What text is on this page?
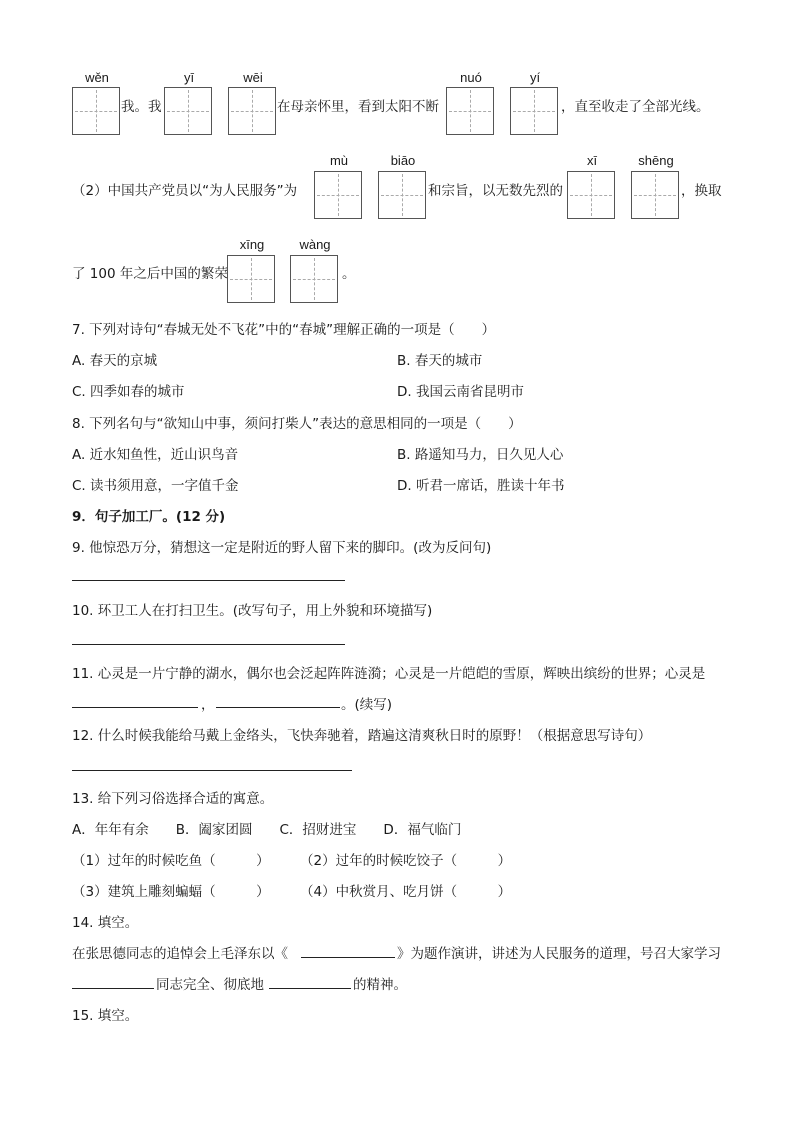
wěn
我。我
yī	wēi
在母亲怀里，看到太阳不断
nuó	yí
，直至收走了全部光线。
（2）中国共产党员以“为人民服务”为
mù	biāo
和宗旨，以无数先烈的
xī	shēng
，换取
了 100 年之后中国的繁荣
xīng	wàng
。
7. 下列对诗句“春城无处不飞花”中的“春城”理解正确的一项是（　　）
A. 春天的京城	B. 春天的城市
C. 四季如春的城市	D. 我国云南省昆明市
8. 下列名句与“欲知山中事，须问打柴人”表达的意思相同的一项是（　　）
A. 近水知鱼性，近山识鸟音	B. 路遥知马力，日久见人心
C. 读书须用意，一字值千金	D. 听君一席话，胜读十年书
9．句子加工厂。(12 分)
9. 他惊恐万分，猜想这一定是附近的野人留下来的脚印。(改为反问句)
10. 环卫工人在打扫卫生。(改写句子，用上外貌和环境描写)
11. 心灵是一片宁静的湖水，偶尔也会泛起阵阵涟漪；心灵是一片皑皑的雪原，辉映出缤纷的世界；心灵是
，	。(续写)
12. 什么时候我能给马戴上金络头，飞快奔驰着，踏遍这清爽秋日时的原野！（根据意思写诗句）
13. 给下列习俗选择合适的寓意。
A．年年有余　　B．阖家团圆　　C．招财进宝　　D．福气临门
（1）过年的时候吃鱼（　　　） （2）过年的时候吃饺子（　　　）
（3）建筑上雕刻蝙蝠（　　　） （4）中秋赏月、吃月饼（　　　）
14. 填空。
在张思德同志的追悼会上毛泽东以《	》为题作演讲，讲述为人民服务的道理，号召大家学习
同志完全、彻底地	的精神。
15. 填空。
